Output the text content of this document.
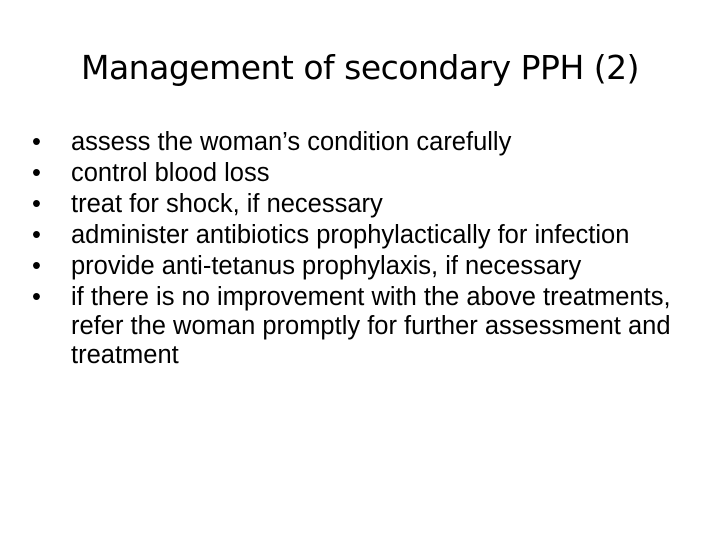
Management of secondary PPH (2)
•	assess the woman’s condition carefully
•	control blood loss
•	treat for shock, if necessary
•	administer antibiotics prophylactically for infection
•	provide anti-tetanus prophylaxis, if necessary
•	if there is no improvement with the above treatments, refer the woman promptly for further assessment and treatment
